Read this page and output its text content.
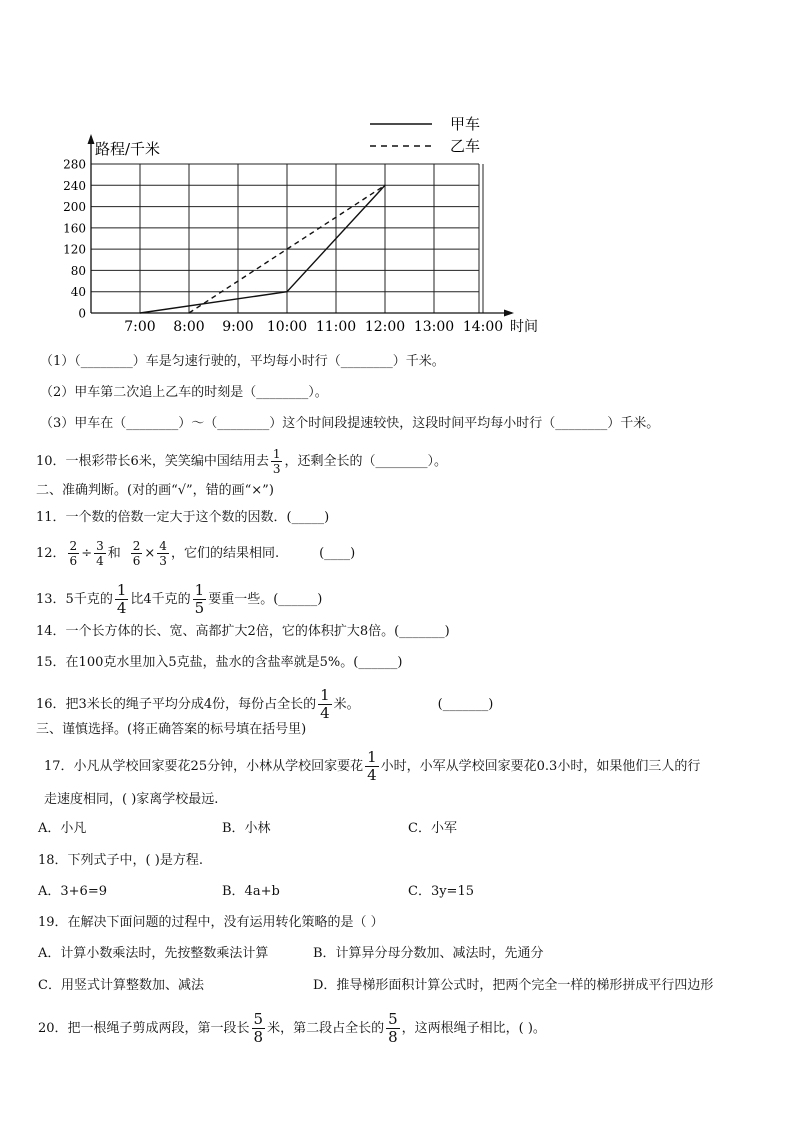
0
40
80
120
160
200
240
280
7:00 8:00 9:00 10:00 11:00 12:00 13:00 14:00
路程/千米
时间
甲车
乙车
（1）（________）车是匀速行驶的，平均每小时行（________）千米。
（2）甲车第二次追上乙车的时刻是（________）。
（3）甲车在（________）～（________）这个时间段提速较快，这段时间平均每小时行（________）千米。
10．一根彩带长6米，笑笑编中国结用去 $\frac{1}{3}$ ，还剩全长的（________）。
二、准确判断。(对的画“√”，错的画“×”)
11．一个数的倍数一定大于这个数的因数．(_____)
12． $\frac{2}{6} \div \frac{3}{4}$ 和 $\frac{2}{6} \times \frac{4}{3}$ ，它们的结果相同.	(____)
13．5千克的 $\frac{1}{4}$ 比4千克的 $\frac{1}{5}$ 要重一些。(______)
14．一个长方体的长、宽、高都扩大2倍，它的体积扩大8倍。(_______)
15．在100克水里加入5克盐，盐水的含盐率就是5%。(______)
16．把3米长的绳子平均分成4份，每份占全长的 $\frac{1}{4}$ 米。	(_______)
三、谨慎选择。(将正确答案的标号填在括号里)
17．小凡从学校回家要花25分钟，小林从学校回家要花 $\frac{1}{4}$ 小时，小军从学校回家要花0.3小时，如果他们三人的行
走速度相同，( )家离学校最远.
A．小凡	B．小林	C．小军
18．下列式子中，( )是方程.
A．3+6=9	B．4a+b	C．3y=15
19．在解决下面问题的过程中，没有运用转化策略的是（ ）
A．计算小数乘法时，先按整数乘法计算	B．计算异分母分数加、减法时，先通分
C．用竖式计算整数加、减法	D．推导梯形面积计算公式时，把两个完全一样的梯形拼成平行四边形
20．把一根绳子剪成两段，第一段长 $\frac{5}{8}$ 米，第二段占全长的 $\frac{5}{8}$ ，这两根绳子相比，( )。
